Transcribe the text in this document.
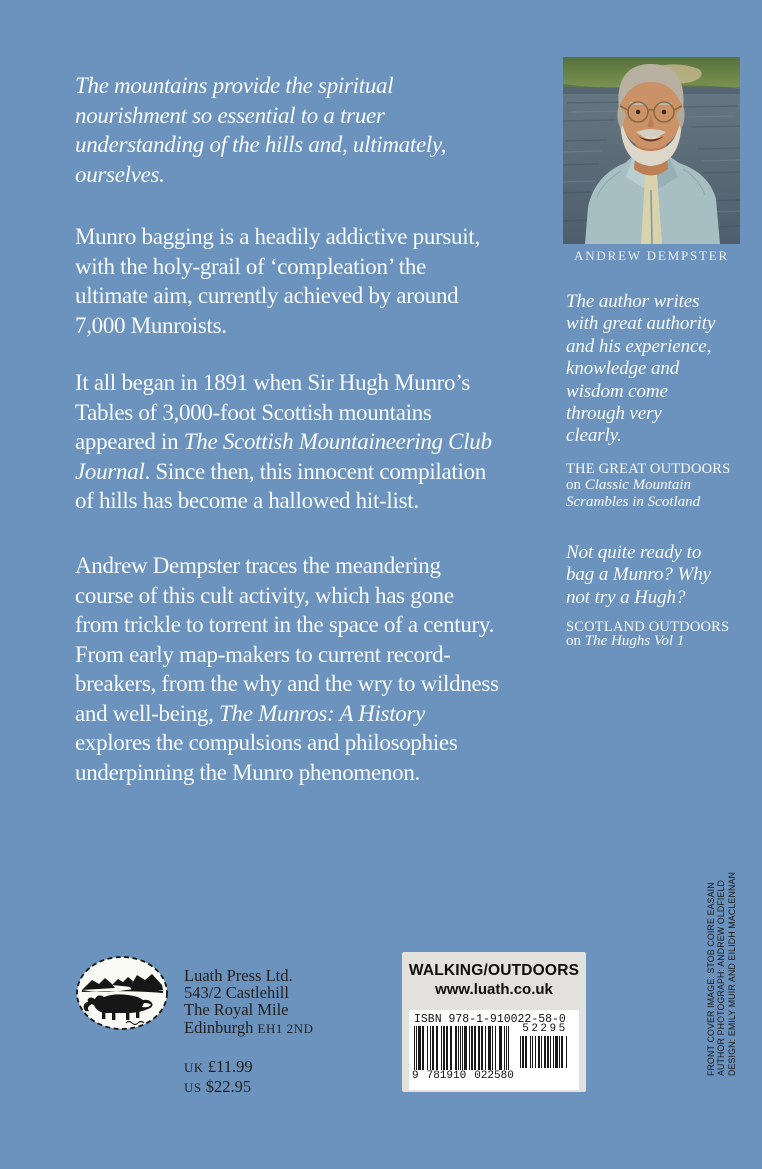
The mountains provide the spiritual
nourishment so essential to a truer
understanding of the hills and, ultimately,
ourselves.
Munro bagging is a headily addictive pursuit,
with the holy-grail of ‘compleation’ the
ultimate aim, currently achieved by around
7,000 Munroists.
It all began in 1891 when Sir Hugh Munro’s
Tables of 3,000-foot Scottish mountains
appeared in The Scottish Mountaineering Club
Journal. Since then, this innocent compilation
of hills has become a hallowed hit-list.
Andrew Dempster traces the meandering
course of this cult activity, which has gone
from trickle to torrent in the space of a century.
From early map-makers to current record-
breakers, from the why and the wry to wildness
and well-being, The Munros: A History
explores the compulsions and philosophies
underpinning the Munro phenomenon.
ANDREW DEMPSTER
The author writes
with great authority
and his experience,
knowledge and
wisdom come
through very
clearly.
THE GREAT OUTDOORS
on Classic Mountain
Scrambles in Scotland
Not quite ready to
bag a Munro? Why
not try a Hugh?
SCOTLAND OUTDOORS
on The Hughs Vol 1
Luath Press Ltd.
543/2 Castlehill
The Royal Mile
Edinburgh EH1 2ND
UK £11.99
US $22.95
WALKING/OUTDOORS
www.luath.co.uk
ISBN 978-1-910022-58-0
9 781910 022580
52295	FRONT COVER IMAGE: STOB COIRE EASAIN AUTHOR PHOTOGRAPH: ANDREW OLDFIELD DESIGN: EMILY MUIR AND EILIDH MACLENNAN
